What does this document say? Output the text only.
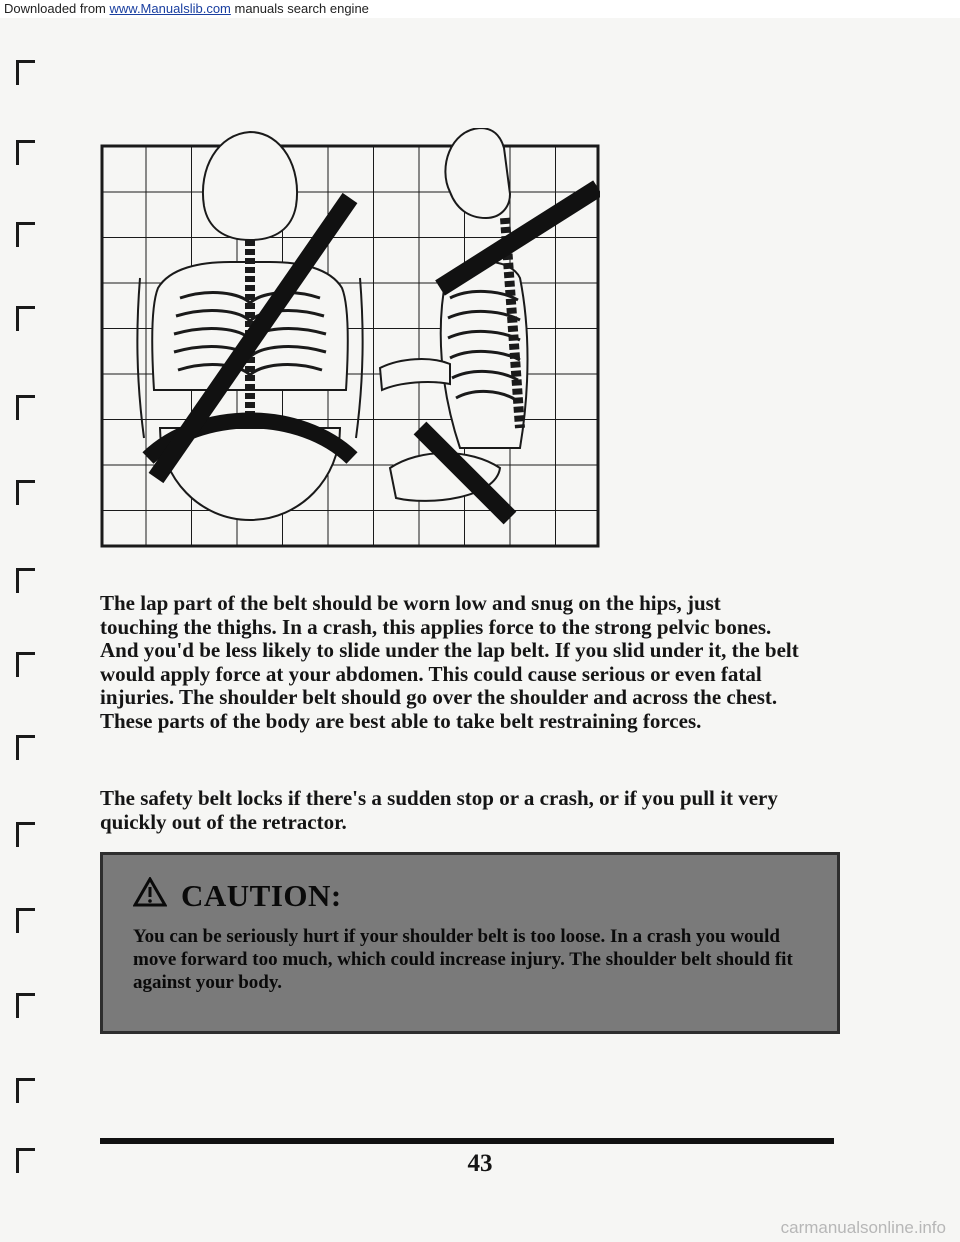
Downloaded from www.Manualslib.com manuals search engine

The lap part of the belt should be worn low and snug on the hips, just touching the thighs. In a crash, this applies force to the strong pelvic bones. And you'd be less likely to slide under the lap belt. If you slid under it, the belt would apply force at your abdomen. This could cause serious or even fatal injuries. The shoulder belt should go over the shoulder and across the chest. These parts of the body are best able to take belt restraining forces.

The safety belt locks if there's a sudden stop or a crash, or if you pull it very quickly out of the retractor.

CAUTION:
You can be seriously hurt if your shoulder belt is too loose. In a crash you would move forward too much, which could increase injury. The shoulder belt should fit against your body.
43
carmanualsonline.info
